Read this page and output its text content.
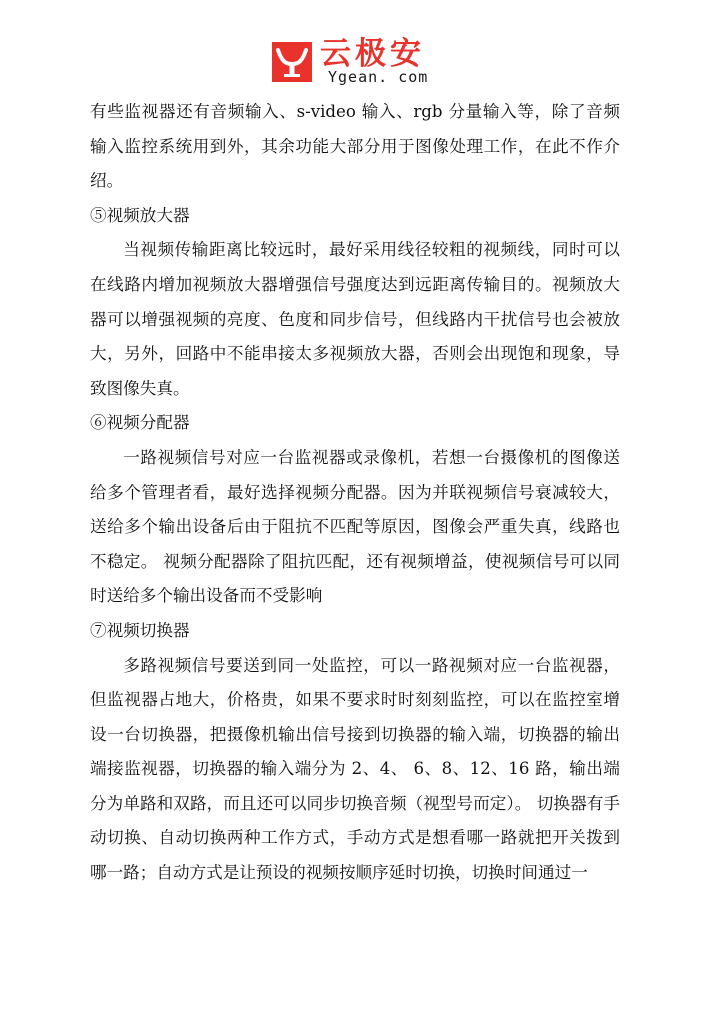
云极安
Ygean. com

有些监视器还有音频输入、s-video 输入、rgb 分量输入等，除了音频输入监控系统用到外，其余功能大部分用于图像处理工作，在此不作介绍。

⑤视频放大器

当视频传输距离比较远时，最好采用线径较粗的视频线，同时可以在线路内增加视频放大器增强信号强度达到远距离传输目的。视频放大器可以增强视频的亮度、色度和同步信号，但线路内干扰信号也会被放大，另外，回路中不能串接太多视频放大器，否则会出现饱和现象，导致图像失真。

⑥视频分配器

一路视频信号对应一台监视器或录像机，若想一台摄像机的图像送给多个管理者看，最好选择视频分配器。因为并联视频信号衰减较大，送给多个输出设备后由于阻抗不匹配等原因，图像会严重失真，线路也不稳定。 视频分配器除了阻抗匹配，还有视频增益，使视频信号可以同时送给多个输出设备而不受影响

⑦视频切换器

多路视频信号要送到同一处监控，可以一路视频对应一台监视器，但监视器占地大，价格贵，如果不要求时时刻刻监控，可以在监控室增设一台切换器，把摄像机输出信号接到切换器的输入端，切换器的输出端接监视器，切换器的输入端分为 2、4、 6、8、12、16 路，输出端分为单路和双路，而且还可以同步切换音频（视型号而定）。 切换器有手动切换、自动切换两种工作方式，手动方式是想看哪一路就把开关拨到哪一路；自动方式是让预设的视频按顺序延时切换，切换时间通过一
